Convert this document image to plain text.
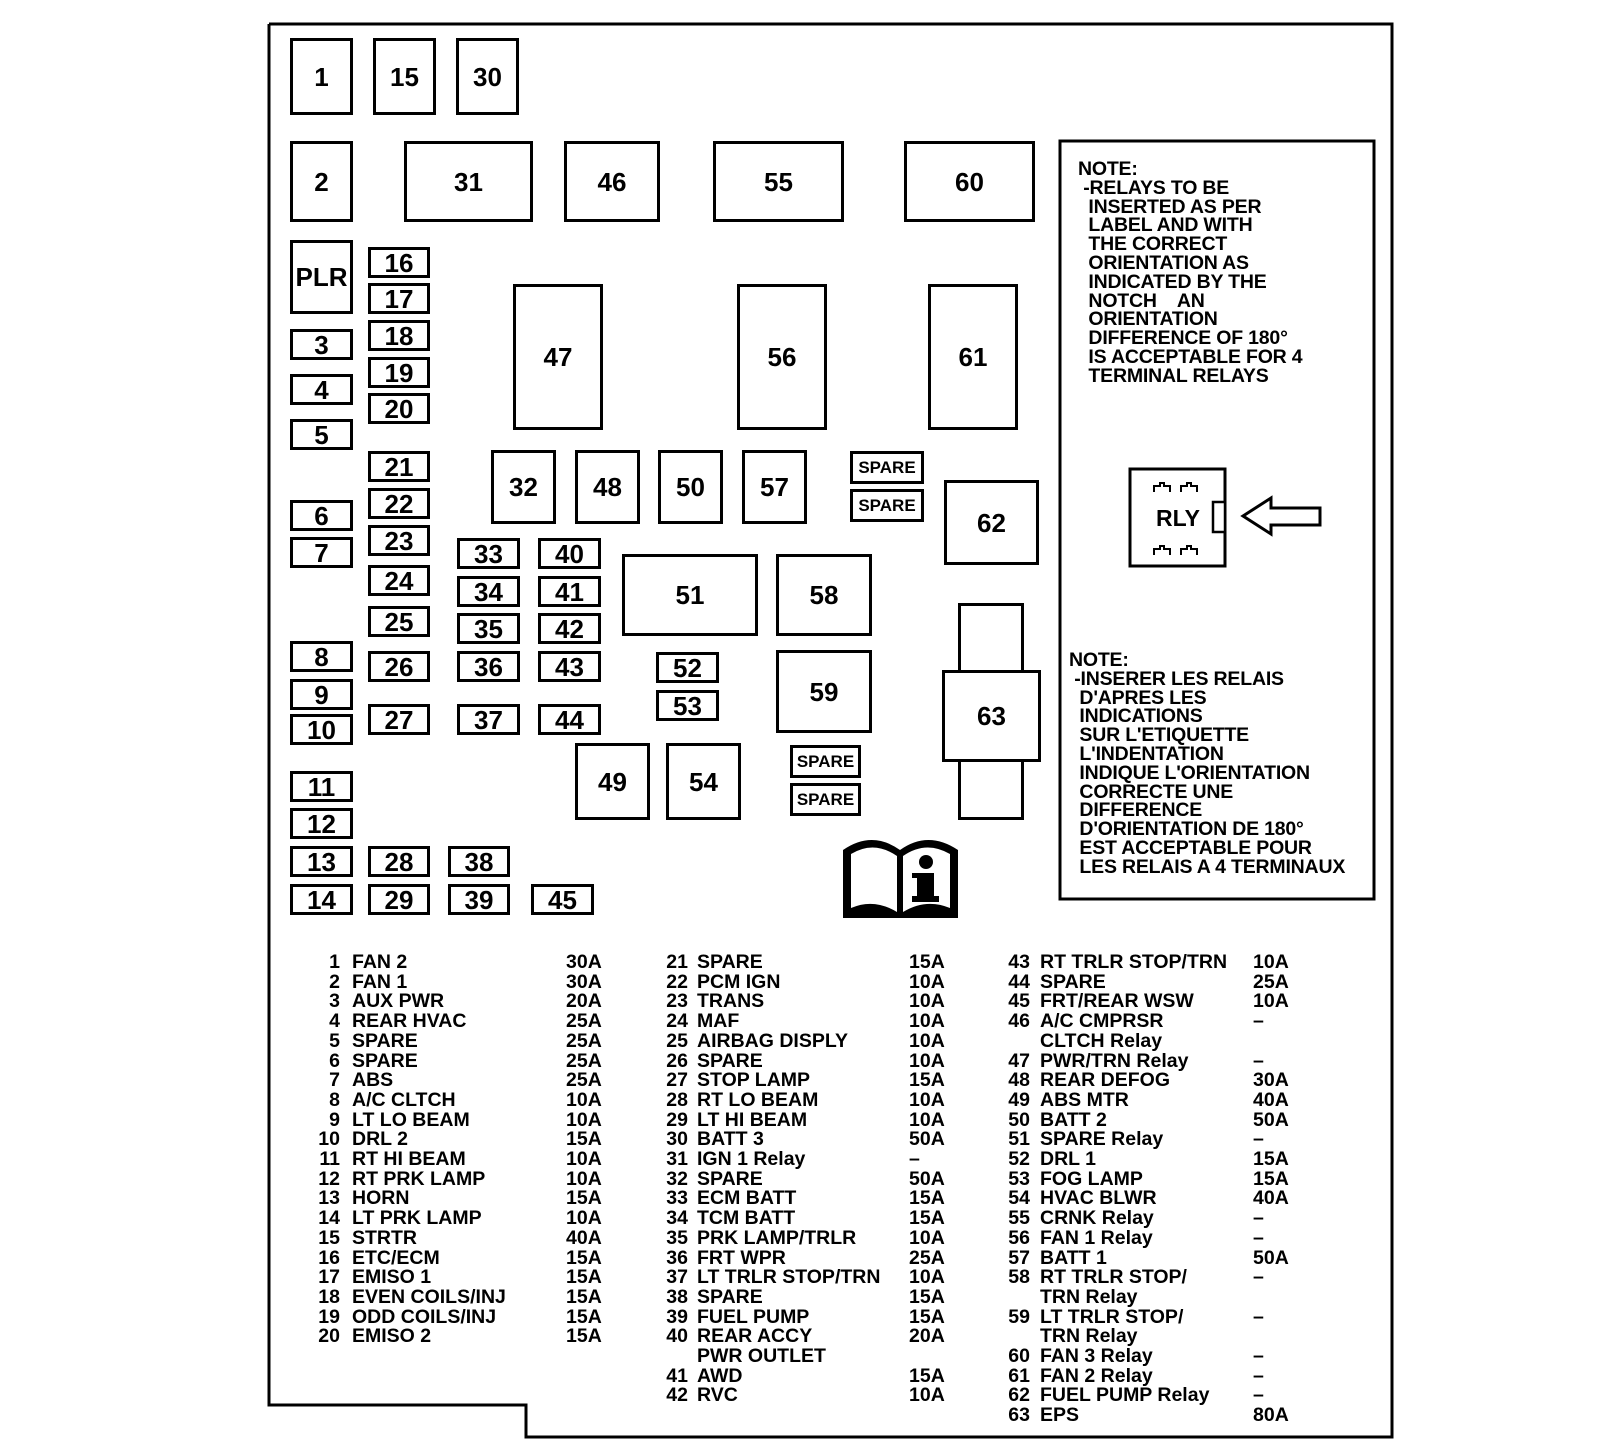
1	15	30
2	31	46	55	60
PLR	16
17
18
19
20
3
4
5
47	56	61
21
22
23
6
7
32	48	50	57
SPARE
SPARE
62
33	40
24	34	41	51	58
25	35	42
8	26	36	43	52
59
63
9	53
10	27	37	44
49	54
SPARE
SPARE
11
12
13	28	38
14	29	39	45
NOTE:
-RELAYS TO BE
INSERTED AS PER
LABEL AND WITH
THE CORRECT
ORIENTATION AS
INDICATED BY THE
NOTCH    AN
ORIENTATION
DIFFERENCE OF 180°
IS ACCEPTABLE FOR 4
TERMINAL RELAYS
NOTE:
-INSERER LES RELAIS
D'APRES LES
INDICATIONS
SUR L'ETIQUETTE
L'INDENTATION
INDIQUE L'ORIENTATION
CORRECTE UNE
DIFFERENCE
D'ORIENTATION DE 180°
EST ACCEPTABLE POUR
LES RELAIS A 4 TERMINAUX
RLY
1 FAN 2	30A
2 FAN 1	30A
3 AUX PWR	20A
4 REAR HVAC	25A
5 SPARE	25A
6 SPARE	25A
7 ABS	25A
8 A/C CLTCH	10A
9 LT LO BEAM	10A
10 DRL 2	15A
11 RT HI BEAM	10A
12 RT PRK LAMP	10A
13 HORN	15A
14 LT PRK LAMP	10A
15 STRTR	40A
16 ETC/ECM	15A
17 EMISO 1	15A
18 EVEN COILS/INJ	15A
19 ODD COILS/INJ	15A
20 EMISO 2	15A
21 SPARE	15A
22 PCM IGN	10A
23 TRANS	10A
24 MAF	10A
25 AIRBAG DISPLY	10A
26 SPARE	10A
27 STOP LAMP	15A
28 RT LO BEAM	10A
29 LT HI BEAM	10A
30 BATT 3	50A
31 IGN 1 Relay	–
32 SPARE	50A
33 ECM BATT	15A
34 TCM BATT	15A
35 PRK LAMP/TRLR	10A
36 FRT WPR	25A
37 LT TRLR STOP/TRN 10A
38 SPARE	15A
39 FUEL PUMP	15A
40 REAR ACCY	20A
PWR OUTLET
41 AWD	15A
42 RVC	10A
43 RT TRLR STOP/TRN 10A
44 SPARE	25A
45 FRT/REAR WSW	10A
46 A/C CMPRSR	–
CLTCH Relay
47 PWR/TRN Relay	–
48 REAR DEFOG	30A
49 ABS MTR	40A
50 BATT 2	50A
51 SPARE Relay	–
52 DRL 1	15A
53 FOG LAMP	15A
54 HVAC BLWR	40A
55 CRNK Relay	–
56 FAN 1 Relay	–
57 BATT 1	50A
58 RT TRLR STOP/	–
TRN Relay
59 LT TRLR STOP/	–
TRN Relay
60 FAN 3 Relay	–
61 FAN 2 Relay	–
62 FUEL PUMP Relay –
63 EPS	80A
